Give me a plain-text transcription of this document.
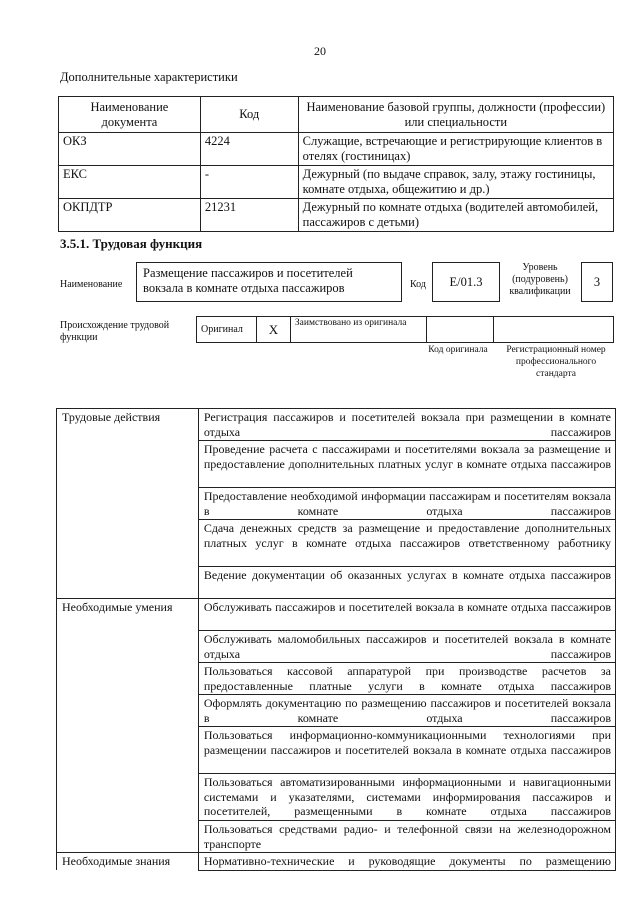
20
Дополнительные характеристики
Наименование документа	Код	Наименование базовой группы, должности (профессии) или специальности
ОКЗ	4224	Служащие, встречающие и регистрирующие клиентов в отелях (гостиницах)
ЕКС	-	Дежурный (по выдаче справок, залу, этажу гостиницы, комнате отдыха, общежитию и др.)
ОКПДТР	21231	Дежурный по комнате отдыха (водителей автомобилей, пассажиров с детьми)
3.5.1. Трудовая функция
Наименование
Размещение пассажиров и посетителей вокзала в комнате отдыха пассажиров	Код	E/01.3
Уровень (подуровень) квалификации
3
Происхождение трудовой функции
Оригинал	X	Заимствовано из оригинала		
Код оригинала	Регистрационный номер профессионального стандарта
Трудовые действия	Регистрация пассажиров и посетителей вокзала при размещении в комнате отдыха пассажиров
	Проведение расчета с пассажирами и посетителями вокзала за размещение и предоставление дополнительных платных услуг в комнате отдыха пассажиров
	Предоставление необходимой информации пассажирам и посетителям вокзала в комнате отдыха пассажиров
	Сдача денежных средств за размещение и предоставление дополнительных платных услуг в комнате отдыха пассажиров ответственному работнику
	Ведение документации об оказанных услугах в комнате отдыха пассажиров
Необходимые умения	Обслуживать пассажиров и посетителей вокзала в комнате отдыха пассажиров
	Обслуживать маломобильных пассажиров и посетителей вокзала в комнате отдыха пассажиров
	Пользоваться кассовой аппаратурой при производстве расчетов за предоставленные платные услуги в комнате отдыха пассажиров
	Оформлять документацию по размещению пассажиров и посетителей вокзала в комнате отдыха пассажиров
	Пользоваться информационно-коммуникационными технологиями при размещении пассажиров и посетителей вокзала в комнате отдыха пассажиров
	Пользоваться автоматизированными информационными и навигационными системами и указателями, системами информирования пассажиров и посетителей, размещенными в комнате отдыха пассажиров
	Пользоваться средствами радио- и телефонной связи на железнодорожном транспорте
Необходимые знания	Нормативно-технические и руководящие документы по размещению
